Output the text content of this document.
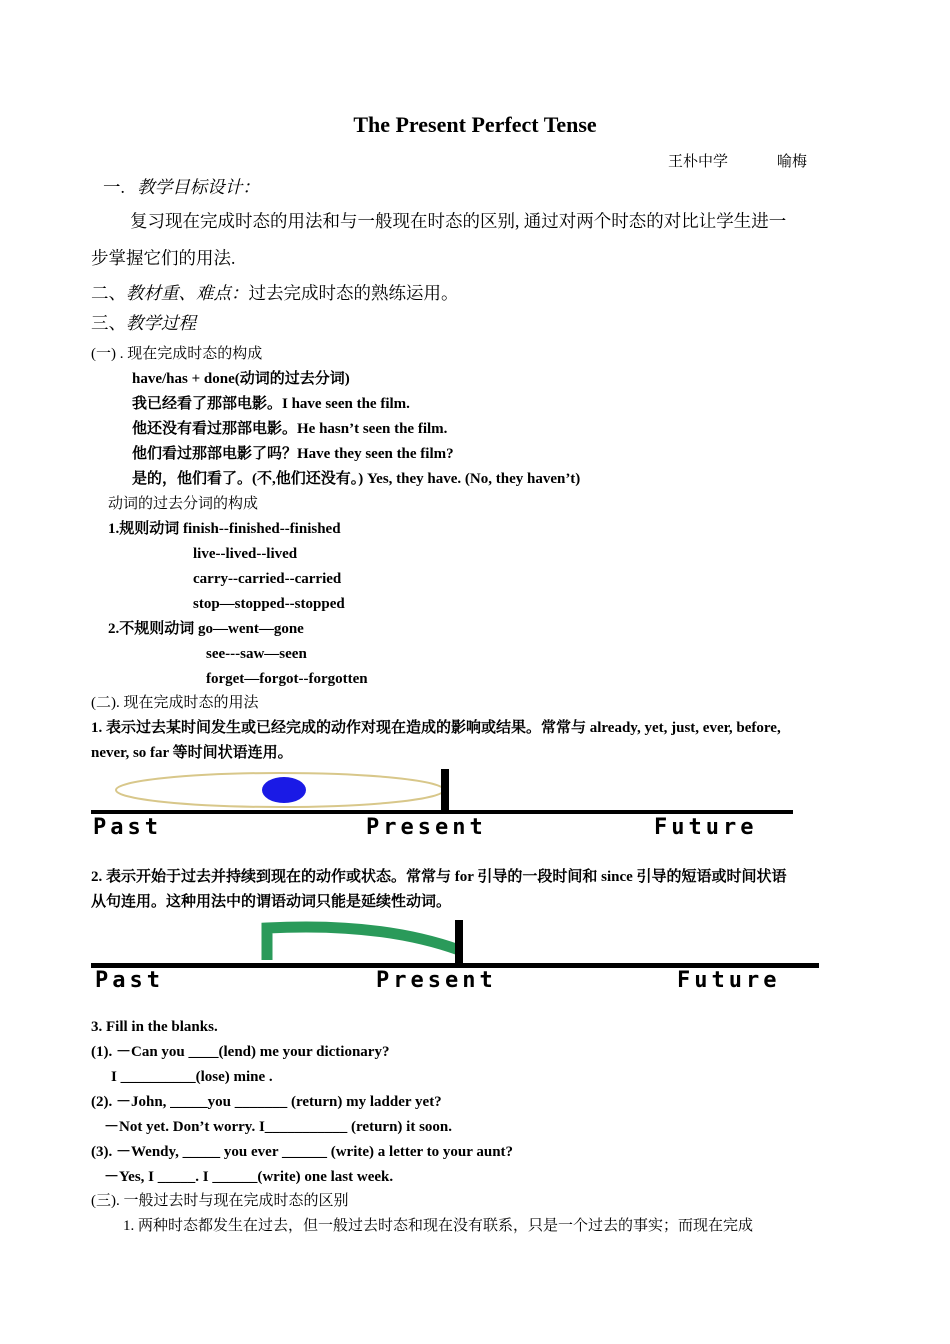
The Present Perfect Tense
王朴中学	喻梅
一. 教学目标设计：
复习现在完成时态的用法和与一般现在时态的区别, 通过对两个时态的对比让学生进一
步掌握它们的用法.
二、教材重、难点：过去完成时态的熟练运用。
三、教学过程
(一) . 现在完成时态的构成
have/has + done(动词的过去分词)
我已经看了那部电影。I have seen the film.
他还没有看过那部电影。He hasn’t seen the film.
他们看过那部电影了吗？Have they seen the film?
是的，他们看了。(不,他们还没有。) Yes, they have. (No, they haven’t)
动词的过去分词的构成
1.规则动词 finish--finished--finished
live--lived--lived
carry--carried--carried
stop—stopped--stopped
2.不规则动词 go—went—gone
see---saw—seen
forget—forgot--forgotten
(二). 现在完成时态的用法
1. 表示过去某时间发生或已经完成的动作对现在造成的影响或结果。常常与 already, yet, just, ever, before,
never, so far 等时间状语连用。
Past	Present	Future
2. 表示开始于过去并持续到现在的动作或状态。常常与 for 引导的一段时间和 since 引导的短语或时间状语
从句连用。这种用法中的谓语动词只能是延续性动词。
Past	Present	Future
3. Fill in the blanks.
(1). －Can you ____(lend) me your dictionary?
I __________(lose) mine .
(2). －John, _____you _______ (return) my ladder yet?
－Not yet. Don’t worry. I___________ (return) it soon.
(3). －Wendy, _____ you ever ______ (write) a letter to your aunt?
－Yes, I _____. I ______(write) one last week.
(三). 一般过去时与现在完成时态的区别
1. 两种时态都发生在过去，但一般过去时态和现在没有联系，只是一个过去的事实；而现在完成
